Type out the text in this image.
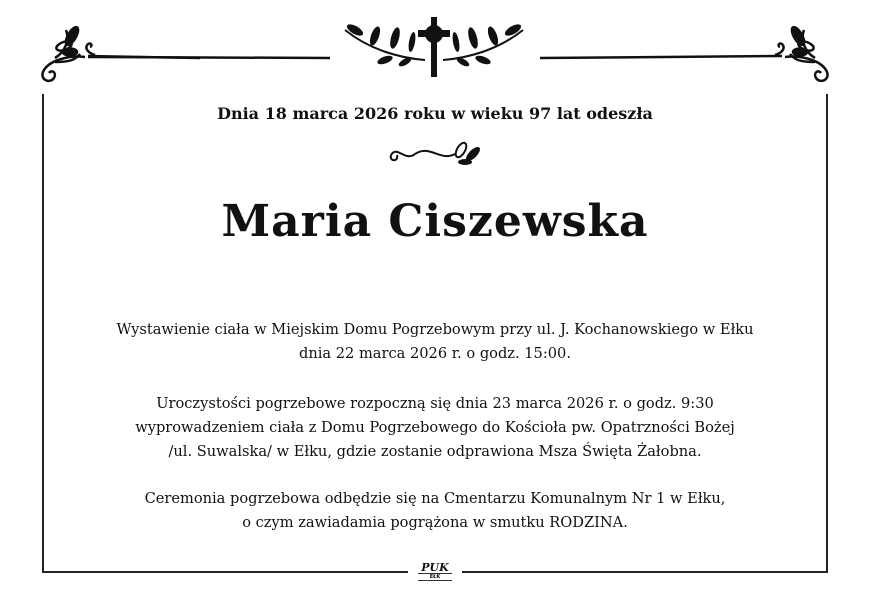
Dnia 18 marca 2026 roku w wieku 97 lat odeszła
Maria Ciszewska
Wystawienie ciała w Miejskim Domu Pogrzebowym przy ul. J. Kochanowskiego w Ełku
dnia 22 marca 2026 r. o godz. 15:00.
Uroczystości pogrzebowe rozpoczną się dnia 23 marca 2026 r. o godz. 9:30
wyprowadzeniem ciała z Domu Pogrzebowego do Kościoła pw. Opatrzności Bożej
/ul. Suwalska/ w Ełku, gdzie zostanie odprawiona Msza Święta Żałobna.
Ceremonia pogrzebowa odbędzie się na Cmentarzu Komunalnym Nr 1 w Ełku,
o czym zawiadamia pogrążona w smutku RODZINA.
PUK
EŁK
